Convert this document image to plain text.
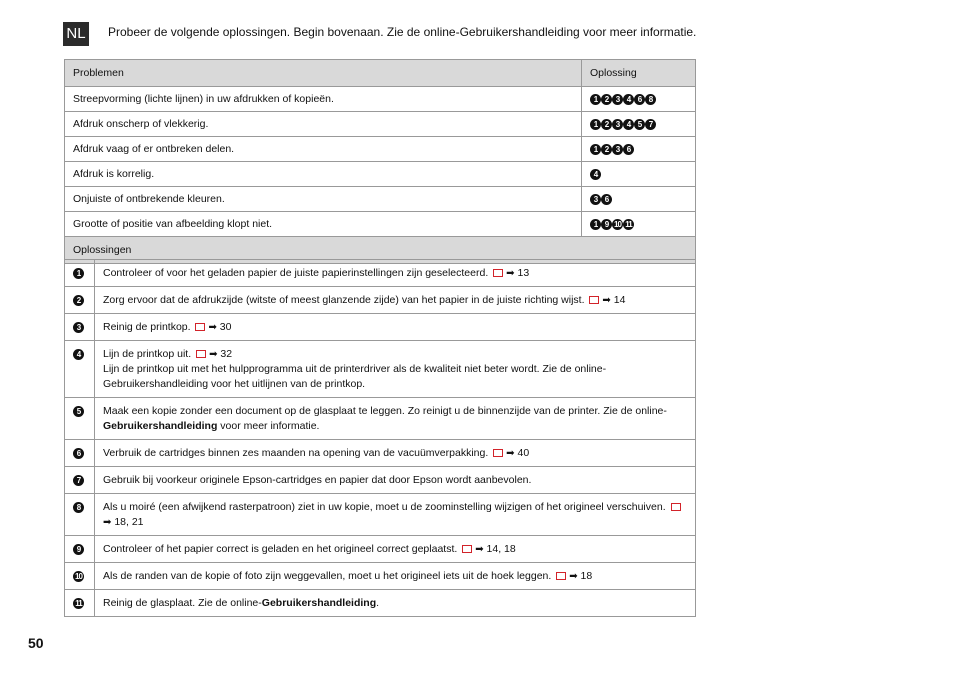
NL Probeer de volgende oplossingen. Begin bovenaan. Zie de online-Gebruikershandleiding voor meer informatie.
Problemen	Oplossing
Streepvorming (lichte lijnen) in uw afdrukken of kopieën.	1 2 3 4 6 8
Afdruk onscherp of vlekkerig.	1 2 3 4 5 7
Afdruk vaag of er ontbreken delen.	1 2 3 6
Afdruk is korrelig.	4
Onjuiste of ontbrekende kleuren.	3 6
Grootte of positie van afbeelding klopt niet.	1 9 10 11
Oplossingen	
1	Controleer of voor het geladen papier de juiste papierinstellingen zijn geselecteerd. ➡ 13

2	Zorg ervoor dat de afdrukzijde (witste of meest glanzende zijde) van het papier in de juiste richting wijst. ➡ 14

3	Reinig de printkop. ➡ 30

4	Lijn de printkop uit. ➡ 32
Lijn de printkop uit met het hulpprogramma uit de printerdriver als de kwaliteit niet beter wordt. Zie de online-Gebruikershandleiding voor het uitlijnen van de printkop.

5	Maak een kopie zonder een document op de glasplaat te leggen. Zo reinigt u de binnenzijde van de printer. Zie de online-Gebruikershandleiding voor meer informatie.

6	Verbruik de cartridges binnen zes maanden na opening van de vacuümverpakking. ➡ 40

7	Gebruik bij voorkeur originele Epson-cartridges en papier dat door Epson wordt aanbevolen.

8	Als u moiré (een afwijkend rasterpatroon) ziet in uw kopie, moet u de zoominstelling wijzigen of het origineel verschuiven. ➡ 18, 21

9	Controleer of het papier correct is geladen en het origineel correct geplaatst. ➡ 14, 18

10	Als de randen van de kopie of foto zijn weggevallen, moet u het origineel iets uit de hoek leggen. ➡ 18

11	Reinig de glasplaat. Zie de online-Gebruikershandleiding.
50
